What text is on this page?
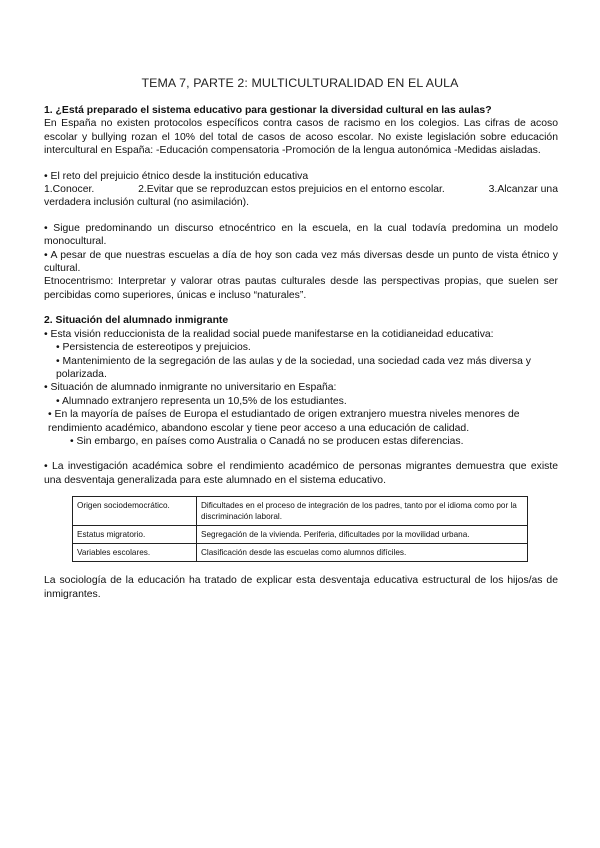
TEMA 7, PARTE 2: MULTICULTURALIDAD EN EL AULA

1. ¿Está preparado el sistema educativo para gestionar la diversidad cultural en las aulas?

En España no existen protocolos específicos contra casos de racismo en los colegios. Las cifras de acoso escolar y bullying rozan el 10% del total de casos de acoso escolar. No existe legislación sobre educación intercultural en España: -Educación compensatoria -Promoción de la lengua autonómica -Medidas aisladas.

• El reto del prejuicio étnico desde la institución educativa

1.Conocer.	2.Evitar que se reproduzcan estos prejuicios en el entorno escolar.	3.Alcanzar una

verdadera inclusión cultural (no asimilación).

• Sigue predominando un discurso etnocéntrico en la escuela, en la cual todavía predomina un modelo monocultural.

• A pesar de que nuestras escuelas a día de hoy son cada vez más diversas desde un punto de vista étnico y cultural.

Etnocentrismo: Interpretar y valorar otras pautas culturales desde las perspectivas propias, que suelen ser percibidas como superiores, únicas e incluso “naturales”.

2. Situación del alumnado inmigrante

• Esta visión reduccionista de la realidad social puede manifestarse en la cotidianeidad educativa:

• Persistencia de estereotipos y prejuicios.

• Mantenimiento de la segregación de las aulas y de la sociedad, una sociedad cada vez más diversa y polarizada.

• Situación de alumnado inmigrante no universitario en España:

• Alumnado extranjero representa un 10,5% de los estudiantes.

• En la mayoría de países de Europa el estudiantado de origen extranjero muestra niveles menores de rendimiento académico, abandono escolar y tiene peor acceso a una educación de calidad.

• Sin embargo, en países como Australia o Canadá no se producen estas diferencias.

• La investigación académica sobre el rendimiento académico de personas migrantes demuestra que existe una desventaja generalizada para este alumnado en el sistema educativo.

Origen sociodemocrático.	Dificultades en el proceso de integración de los padres, tanto por el idioma como por la discriminación laboral.
Estatus migratorio.	Segregación de la vivienda. Periferia, dificultades por la movilidad urbana.
Variables escolares.	Clasificación desde las escuelas como alumnos difíciles.

La sociología de la educación ha tratado de explicar esta desventaja educativa estructural de los hijos/as de inmigrantes.
